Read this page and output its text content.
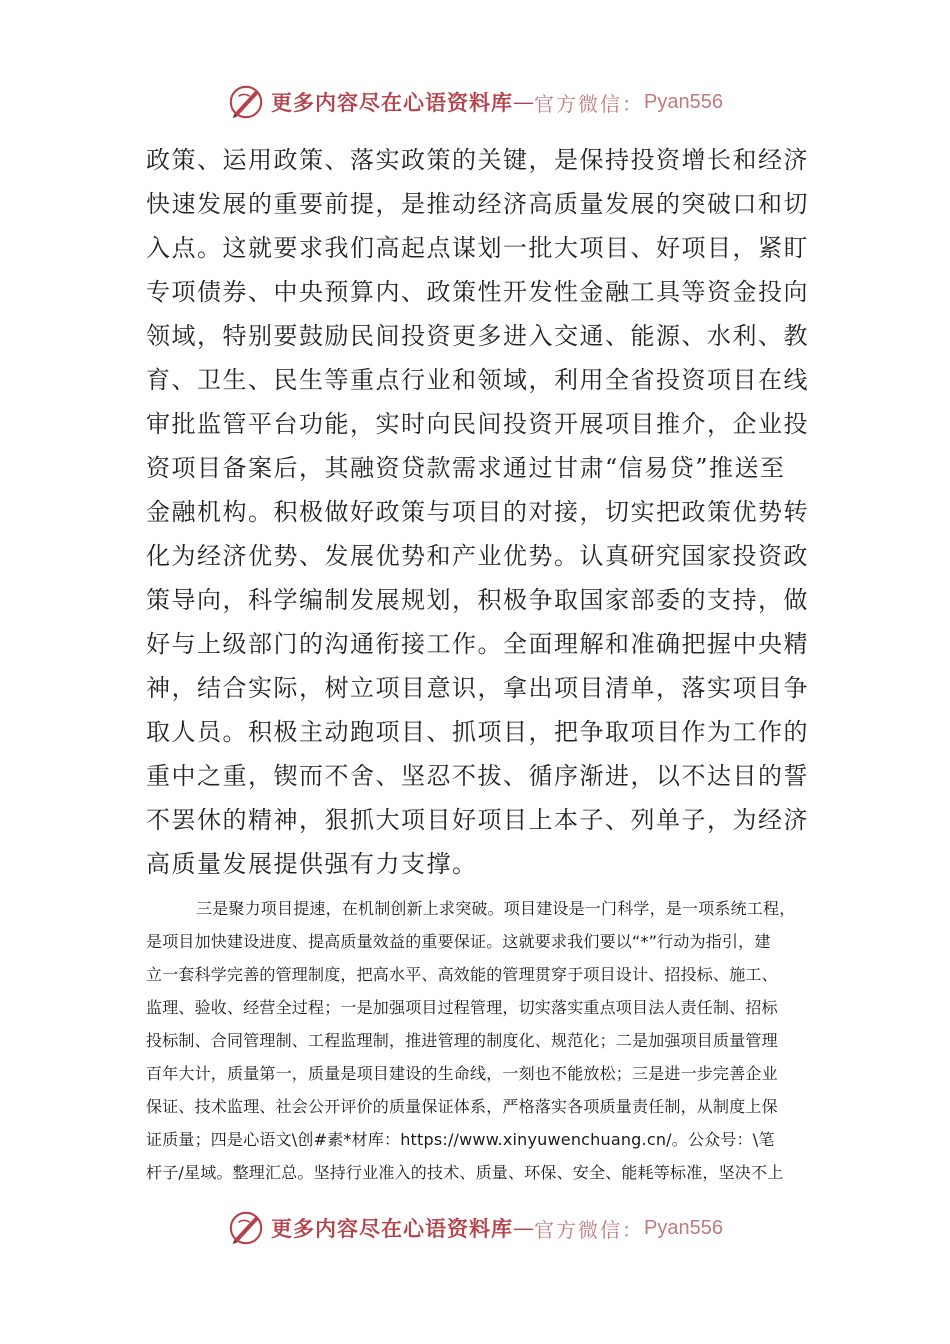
更多内容尽在心语资料库 — 官方微信： Pyan556
政策、运用政策、落实政策的关键，是保持投资增长和经济
快速发展的重要前提，是推动经济高质量发展的突破口和切
入点。这就要求我们高起点谋划一批大项目、好项目，紧盯
专项债券、中央预算内、政策性开发性金融工具等资金投向
领域，特别要鼓励民间投资更多进入交通、能源、水利、教
育、卫生、民生等重点行业和领域，利用全省投资项目在线
审批监管平台功能，实时向民间投资开展项目推介，企业投
资项目备案后，其融资贷款需求通过甘肃“信易贷”推送至
金融机构。积极做好政策与项目的对接，切实把政策优势转
化为经济优势、发展优势和产业优势。认真研究国家投资政
策导向，科学编制发展规划，积极争取国家部委的支持，做
好与上级部门的沟通衔接工作。全面理解和准确把握中央精
神，结合实际，树立项目意识，拿出项目清单，落实项目争
取人员。积极主动跑项目、抓项目，把争取项目作为工作的
重中之重，锲而不舍、坚忍不拔、循序渐进，以不达目的誓
不罢休的精神，狠抓大项目好项目上本子、列单子，为经济
高质量发展提供强有力支撑。
三是聚力项目提速，在机制创新上求突破。项目建设是一门科学，是一项系统工程，
是项目加快建设进度、提高质量效益的重要保证。这就要求我们要以“*”行动为指引，建
立一套科学完善的管理制度，把高水平、高效能的管理贯穿于项目设计、招投标、施工、
监理、验收、经营全过程；一是加强项目过程管理，切实落实重点项目法人责任制、招标
投标制、合同管理制、工程监理制，推进管理的制度化、规范化；二是加强项目质量管理
百年大计，质量第一，质量是项目建设的生命线，一刻也不能放松；三是进一步完善企业
保证、技术监理、社会公开评价的质量保证体系，严格落实各项质量责任制，从制度上保
证质量；四是心语文\创#素*材库：https://www.xinyuwenchuang.cn/。公众号：\笔
杆子/星域。整理汇总。坚持行业准入的技术、质量、环保、安全、能耗等标准，坚决不上
更多内容尽在心语资料库 — 官方微信： Pyan556
